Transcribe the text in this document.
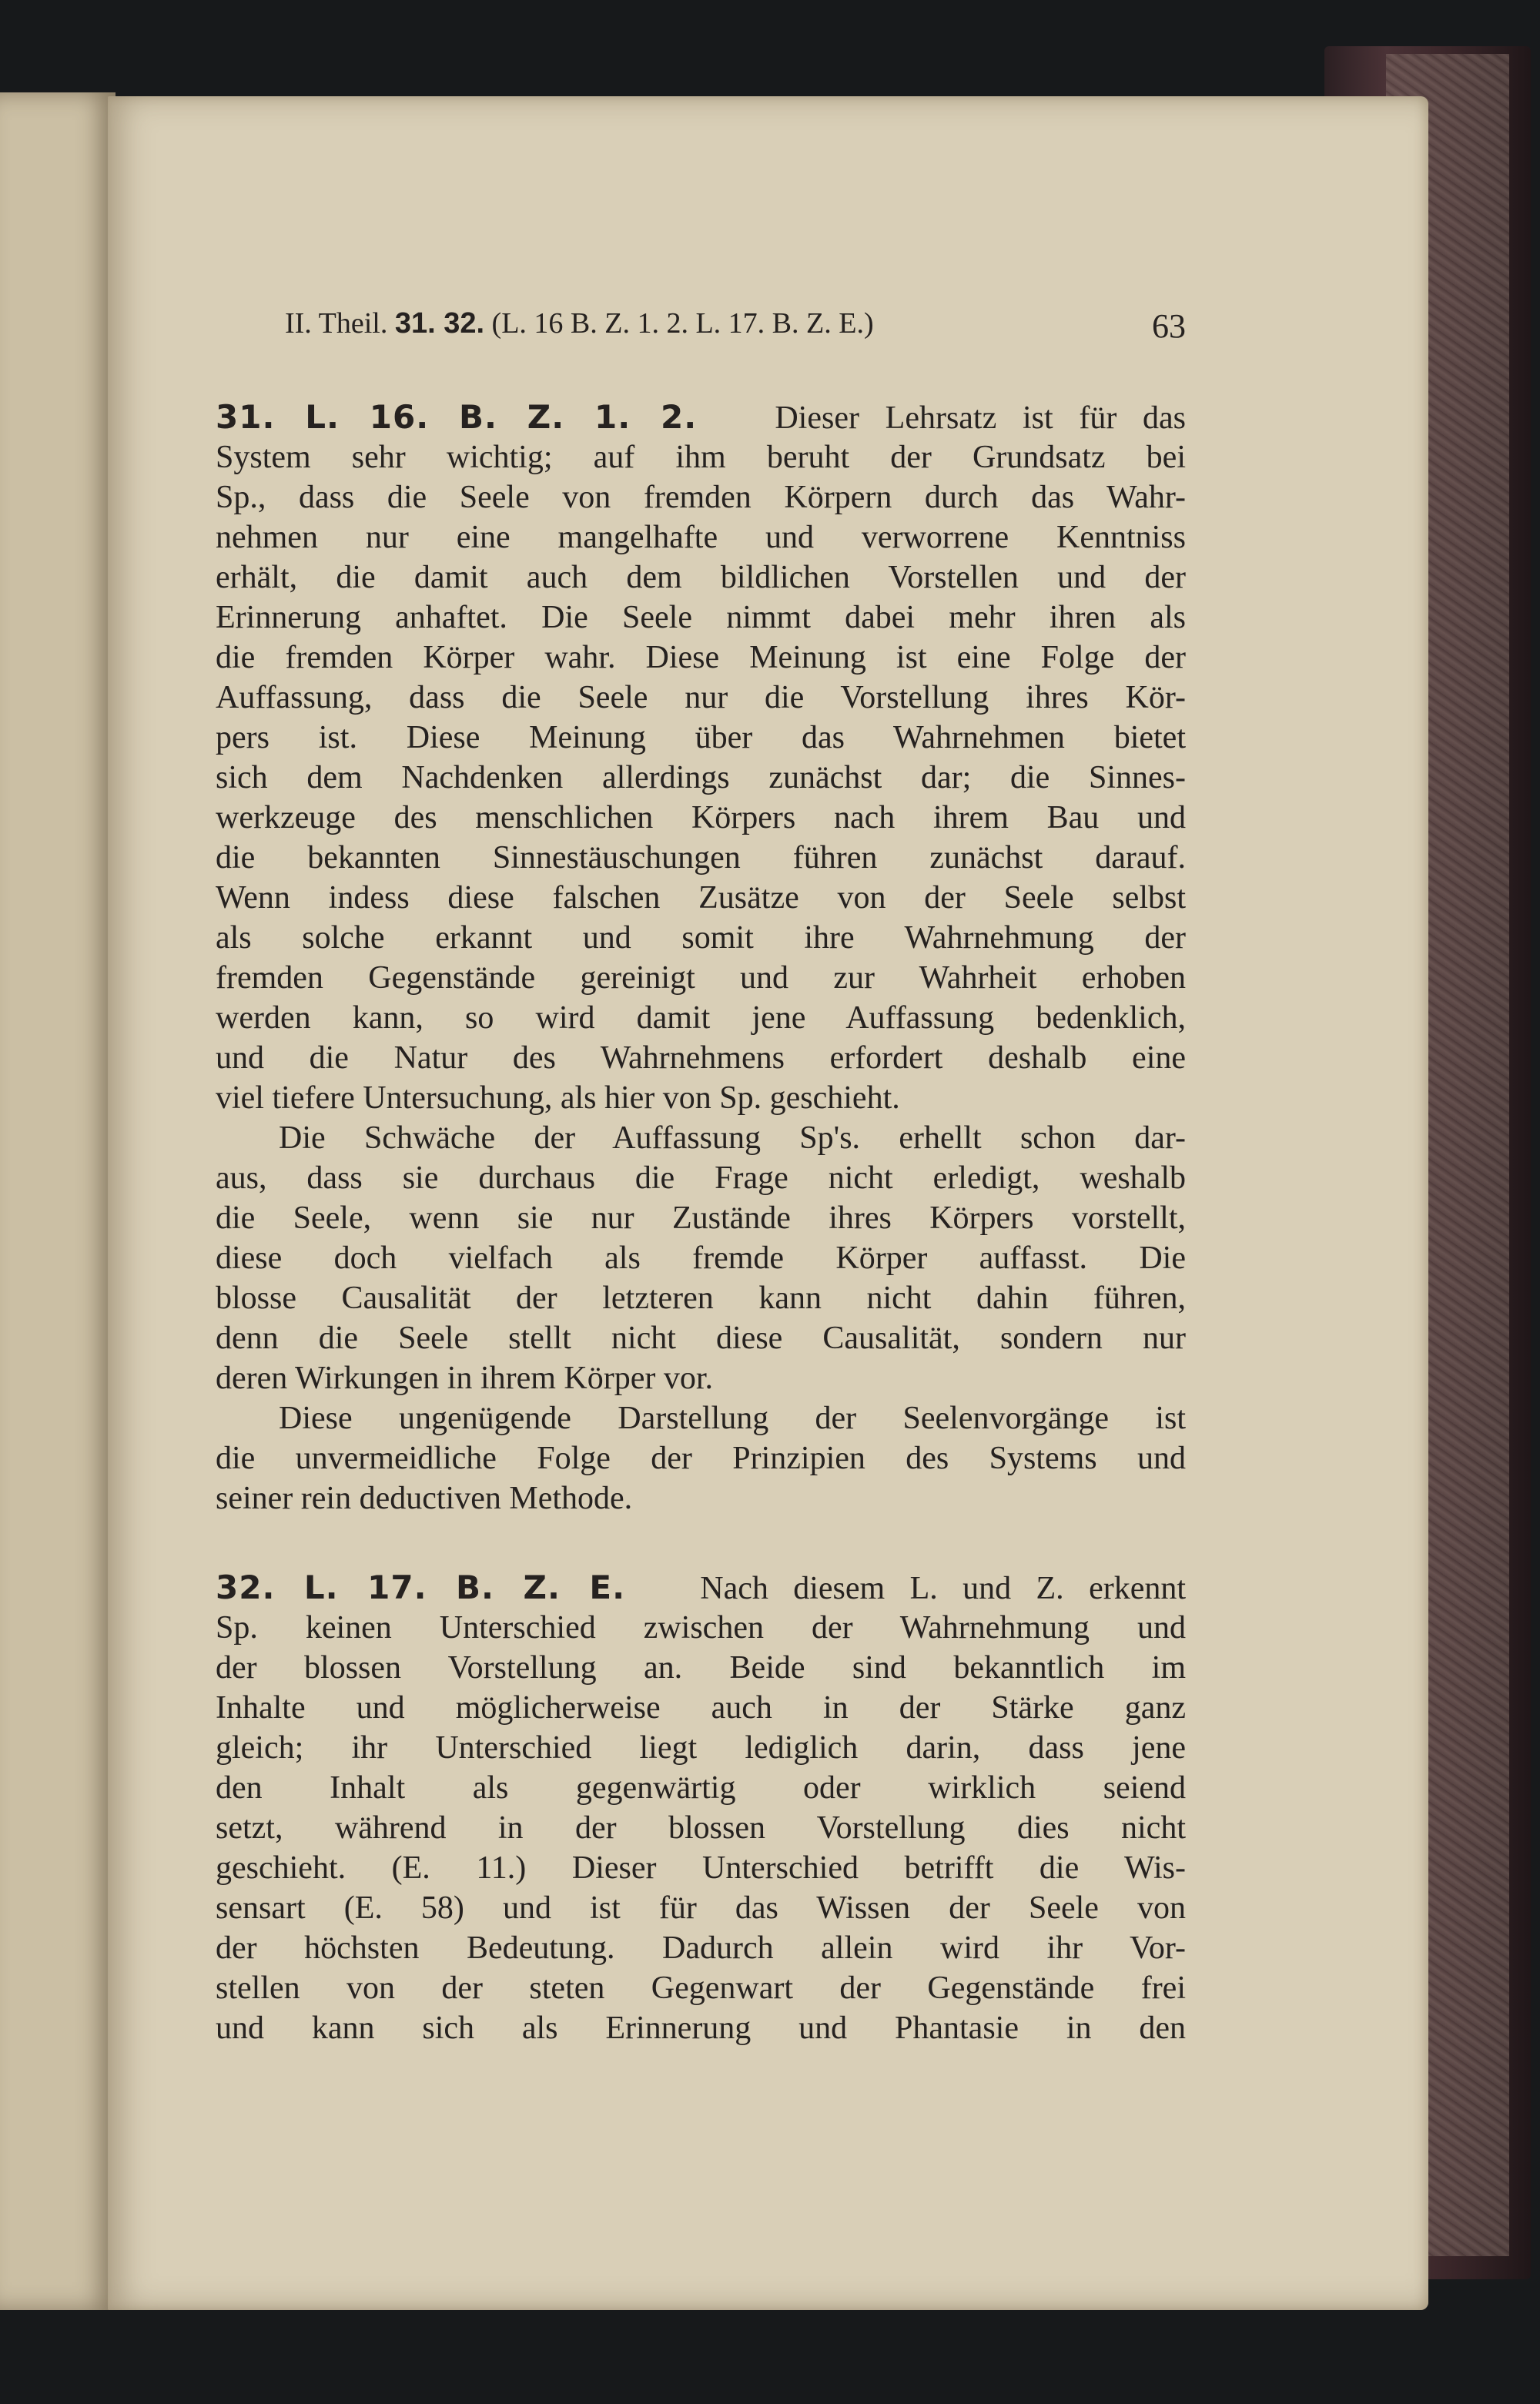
II. Theil. 31. 32. (L. 16 B. Z. 1. 2. L. 17. B. Z. E.)	63
31. L. 16. B. Z. 1. 2. Dieser Lehrsatz ist für das
System sehr wichtig; auf ihm beruht der Grundsatz bei
Sp., dass die Seele von fremden Körpern durch das Wahr-
nehmen nur eine mangelhafte und verworrene Kenntniss
erhält, die damit auch dem bildlichen Vorstellen und der
Erinnerung anhaftet. Die Seele nimmt dabei mehr ihren als
die fremden Körper wahr. Diese Meinung ist eine Folge der
Auffassung, dass die Seele nur die Vorstellung ihres Kör-
pers ist. Diese Meinung über das Wahrnehmen bietet
sich dem Nachdenken allerdings zunächst dar; die Sinnes-
werkzeuge des menschlichen Körpers nach ihrem Bau und
die bekannten Sinnestäuschungen führen zunächst darauf.
Wenn indess diese falschen Zusätze von der Seele selbst
als solche erkannt und somit ihre Wahrnehmung der
fremden Gegenstände gereinigt und zur Wahrheit erhoben
werden kann, so wird damit jene Auffassung bedenklich,
und die Natur des Wahrnehmens erfordert deshalb eine
viel tiefere Untersuchung, als hier von Sp. geschieht.
Die Schwäche der Auffassung Sp's. erhellt schon dar-
aus, dass sie durchaus die Frage nicht erledigt, weshalb
die Seele, wenn sie nur Zustände ihres Körpers vorstellt,
diese doch vielfach als fremde Körper auffasst. Die
blosse Causalität der letzteren kann nicht dahin führen,
denn die Seele stellt nicht diese Causalität, sondern nur
deren Wirkungen in ihrem Körper vor.
Diese ungenügende Darstellung der Seelenvorgänge ist
die unvermeidliche Folge der Prinzipien des Systems und
seiner rein deductiven Methode.
32. L. 17. B. Z. E. Nach diesem L. und Z. erkennt
Sp. keinen Unterschied zwischen der Wahrnehmung und
der blossen Vorstellung an. Beide sind bekanntlich im
Inhalte und möglicherweise auch in der Stärke ganz
gleich; ihr Unterschied liegt lediglich darin, dass jene
den Inhalt als gegenwärtig oder wirklich seiend
setzt, während in der blossen Vorstellung dies nicht
geschieht. (E. 11.) Dieser Unterschied betrifft die Wis-
sensart (E. 58) und ist für das Wissen der Seele von
der höchsten Bedeutung. Dadurch allein wird ihr Vor-
stellen von der steten Gegenwart der Gegenstände frei
und kann sich als Erinnerung und Phantasie in den
